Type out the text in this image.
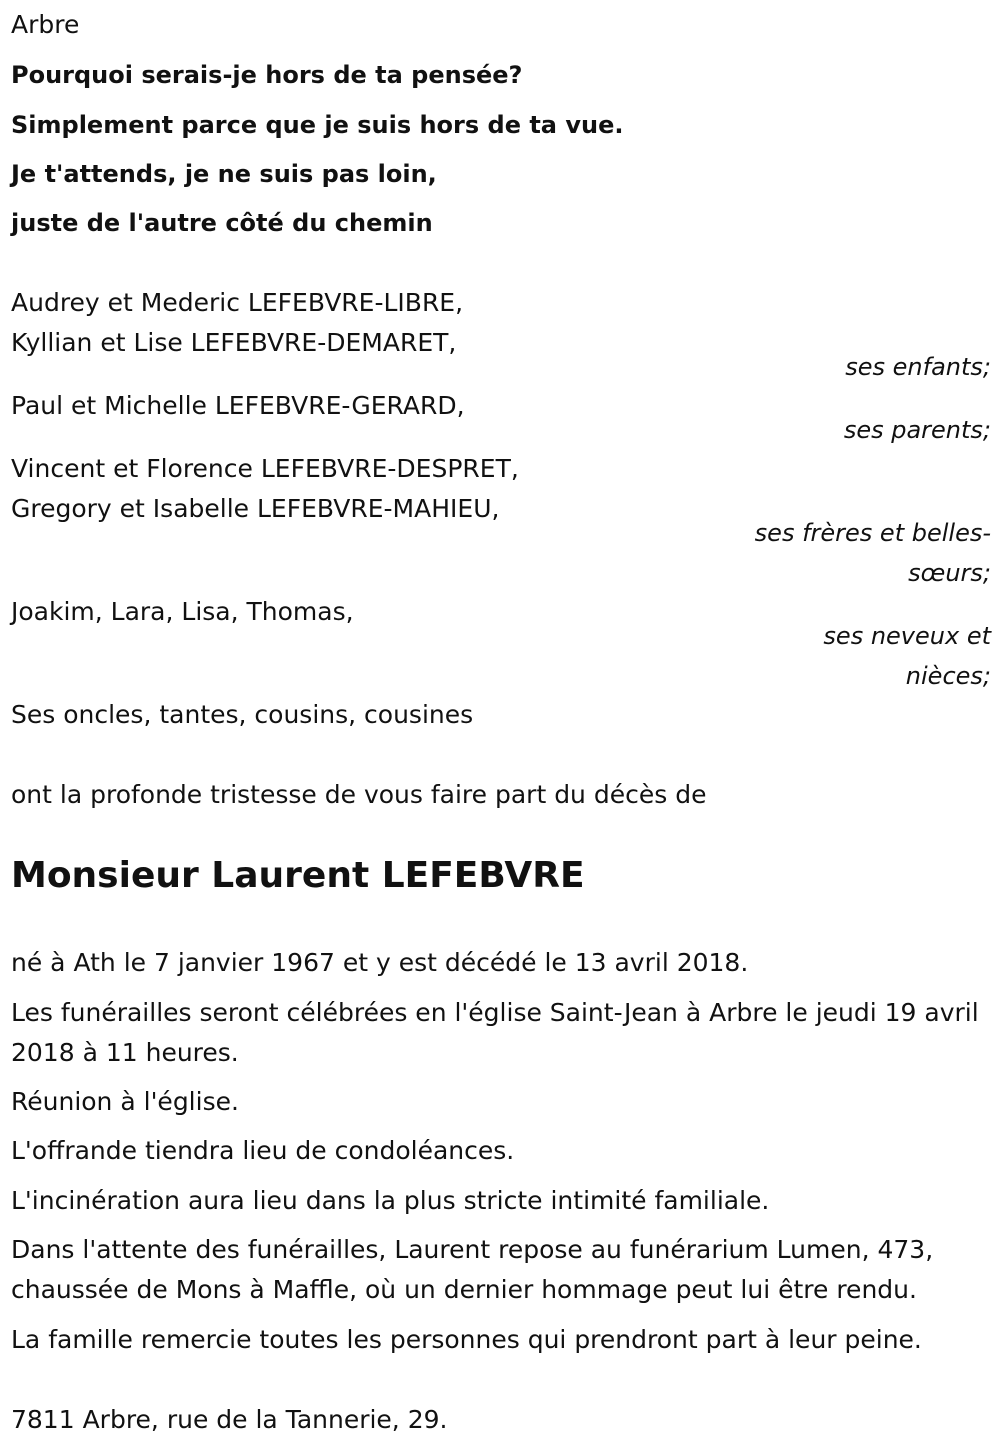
Arbre
Pourquoi serais-je hors de ta pensée?
Simplement parce que je suis hors de ta vue.
Je t'attends, je ne suis pas loin,
juste de l'autre côté du chemin
Audrey et Mederic LEFEBVRE-LIBRE,
Kyllian et Lise LEFEBVRE-DEMARET,
ses enfants;
Paul et Michelle LEFEBVRE-GERARD,
ses parents;
Vincent et Florence LEFEBVRE-DESPRET,
Gregory et Isabelle LEFEBVRE-MAHIEU,
ses frères et belles-
sœurs;
Joakim, Lara, Lisa, Thomas,
ses neveux et
nièces;
Ses oncles, tantes, cousins, cousines
ont la profonde tristesse de vous faire part du décès de
Monsieur Laurent LEFEBVRE
né à Ath le 7 janvier 1967 et y est décédé le 13 avril 2018.
Les funérailles seront célébrées en l'église Saint-Jean à Arbre le jeudi 19 avril 2018 à 11 heures.
Réunion à l'église.
L'offrande tiendra lieu de condoléances.
L'incinération aura lieu dans la plus stricte intimité familiale.
Dans l'attente des funérailles, Laurent repose au funérarium Lumen, 473, chaussée de Mons à Maffle, où un dernier hommage peut lui être rendu.
La famille remercie toutes les personnes qui prendront part à leur peine.
7811 Arbre, rue de la Tannerie, 29.
